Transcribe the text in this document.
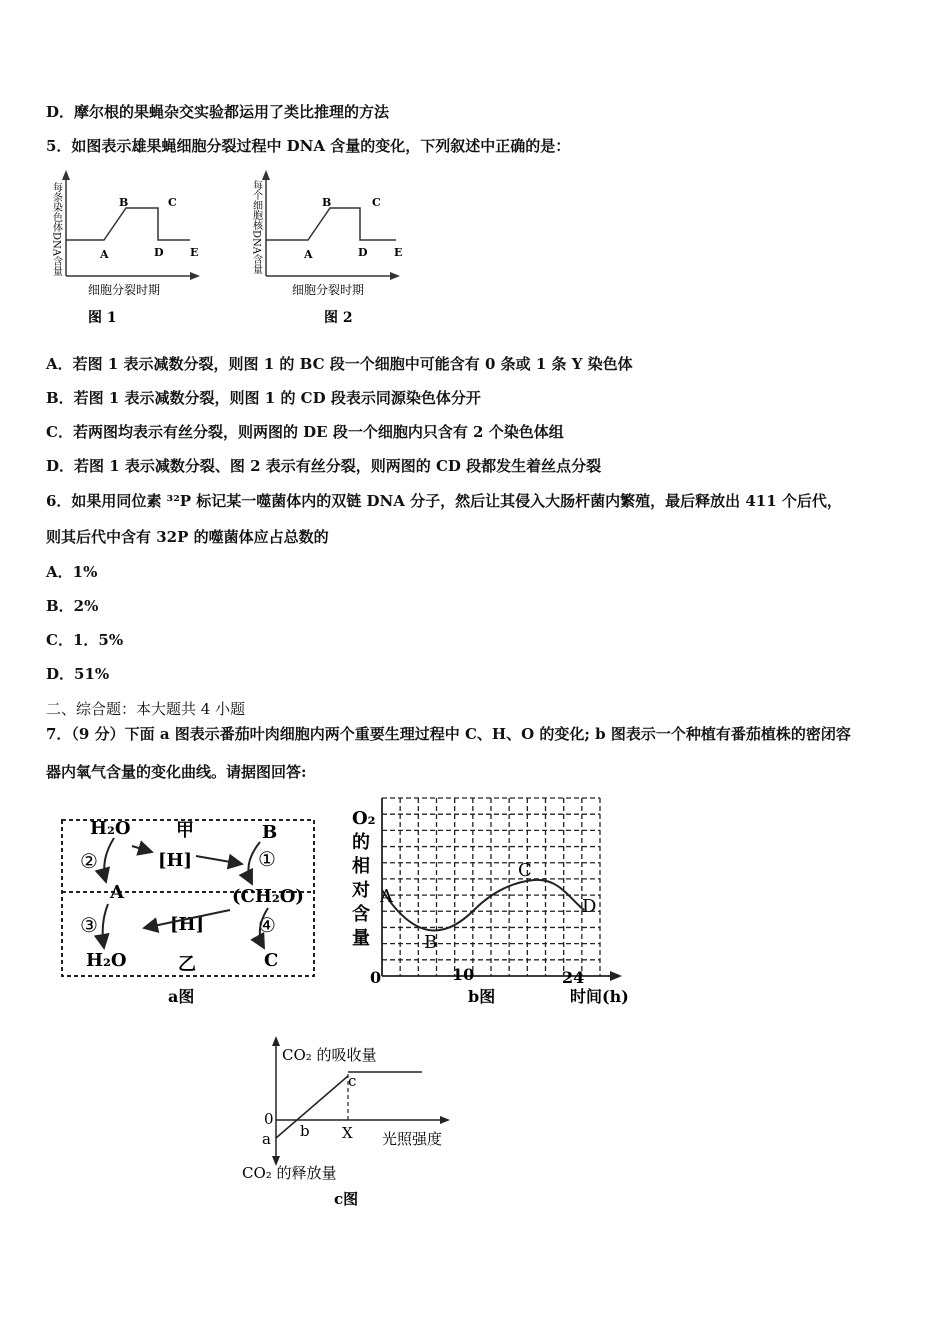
D．摩尔根的果蝇杂交实验都运用了类比推理的方法
5．如图表示雄果蝇细胞分裂过程中 DNA 含量的变化，下列叙述中正确的是：
每条染色体DNA含量	A
B	C
D E
细胞分裂时期
图 1
每个细胞核DNA含量	A
B	C
D E
细胞分裂时期
图 2
A．若图 1 表示减数分裂，则图 1 的 BC 段一个细胞中可能含有 0 条或 1 条 Y 染色体
B．若图 1 表示减数分裂，则图 1 的 CD 段表示同源染色体分开
C．若两图均表示有丝分裂，则两图的 DE 段一个细胞内只含有 2 个染色体组
D．若图 1 表示减数分裂、图 2 表示有丝分裂，则两图的 CD 段都发生着丝点分裂
6．如果用同位素 ³²P 标记某一噬菌体内的双链 DNA 分子，然后让其侵入大肠杆菌内繁殖，最后释放出 411 个后代，
则其后代中含有 32P 的噬菌体应占总数的
A．1%
B．2%
C．1．5%
D．51%
二、综合题：本大题共 4 小题
7．（9 分）下面 a 图表示番茄叶肉细胞内两个重要生理过程中 C、H、O 的变化; b 图表示一个种植有番茄植株的密闭容
器内氧气含量的变化曲线。请据图回答:
H₂O	甲	B
②	[H]	①
A	(CH₂O)
③	[H]	④
H₂O	乙	C
a图
O₂
的
相
对
含
量
A
B
C
D
0	10	24
b图	时间(h)
CO₂ 的吸收量
0
a b
c
X 光照强度
CO₂ 的释放量
c图
